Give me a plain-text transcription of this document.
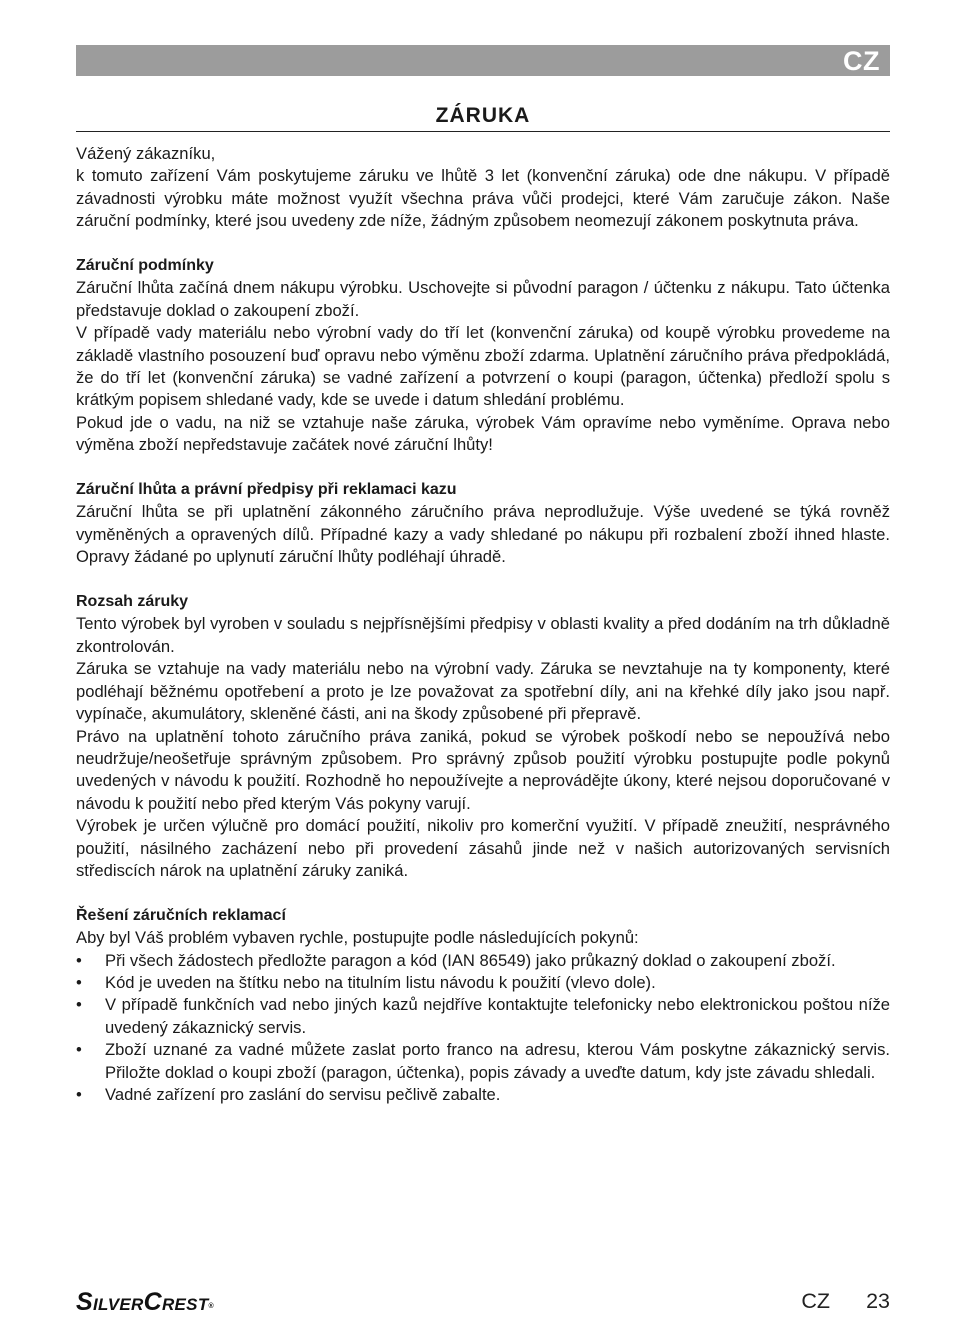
CZ
ZÁRUKA

Vážený zákazníku,

k tomuto zařízení Vám poskytujeme záruku ve lhůtě 3 let (konvenční záruka) ode dne nákupu. V případě závadnosti výrobku máte možnost využít všechna práva vůči prodejci, které Vám zaručuje zákon. Naše záruční podmínky, které jsou uvedeny zde níže, žádným způsobem neomezují zákonem poskytnuta práva.

Záruční podmínky

Záruční lhůta začíná dnem nákupu výrobku. Uschovejte si původní paragon / účtenku z nákupu. Tato účtenka představuje doklad o zakoupení zboží.

V případě vady materiálu nebo výrobní vady do tří let (konvenční záruka) od koupě výrobku provedeme na základě vlastního posouzení buď opravu nebo výměnu zboží zdarma. Uplatnění záručního práva předpokládá, že do tří let (konvenční záruka) se vadné zařízení a potvrzení o koupi (paragon, účtenka) předloží spolu s krátkým popisem shledané vady, kde se uvede i datum shledání problému.

Pokud jde o vadu, na niž se vztahuje naše záruka, výrobek Vám opravíme nebo vyměníme. Oprava nebo výměna zboží nepředstavuje začátek nové záruční lhůty!

Záruční lhůta a právní předpisy při reklamaci kazu

Záruční lhůta se při uplatnění zákonného záručního práva neprodlužuje. Výše uvedené se týká rovněž vyměněných a opravených dílů. Případné kazy a vady shledané po nákupu při rozbalení zboží ihned hlaste. Opravy žádané po uplynutí záruční lhůty podléhají úhradě.

Rozsah záruky

Tento výrobek byl vyroben v souladu s nejpřísnějšími předpisy v oblasti kvality a před dodáním na trh důkladně zkontrolován.

Záruka se vztahuje na vady materiálu nebo na výrobní vady. Záruka se nevztahuje na ty komponenty, které podléhají běžnému opotřebení a proto je lze považovat za spotřební díly, ani na křehké díly jako jsou např. vypínače, akumulátory, skleněné části, ani na škody způsobené při přepravě.

Právo na uplatnění tohoto záručního práva zaniká, pokud se výrobek poškodí nebo se nepoužívá nebo neudržuje/neošetřuje správným způsobem. Pro správný způsob použití výrobku postupujte podle pokynů uvedených v návodu k použití. Rozhodně ho nepoužívejte a neprovádějte úkony, které nejsou doporučované v návodu k použití nebo před kterým Vás pokyny varují.

Výrobek je určen výlučně pro domácí použití, nikoliv pro komerční využití. V případě zneužití, nesprávného použití, násilného zacházení nebo při provedení zásahů jinde než v našich autorizovaných servisních střediscích nárok na uplatnění záruky zaniká.

Řešení záručních reklamací

Aby byl Váš problém vybaven rychle, postupujte podle následujících pokynů:

• Při všech žádostech předložte paragon a kód (IAN 86549) jako průkazný doklad o zakoupení zboží.
• Kód je uveden na štítku nebo na titulním listu návodu k použití (vlevo dole).
• V případě funkčních vad nebo jiných kazů nejdříve kontaktujte telefonicky nebo elektronickou poštou níže uvedený zákaznický servis.
• Zboží uznané za vadné můžete zaslat porto franco na adresu, kterou Vám poskytne zákaznický servis. Přiložte doklad o koupi zboží (paragon, účtenka), popis závady a uveďte datum, kdy jste závadu shledali.
• Vadné zařízení pro zaslání do servisu pečlivě zabalte.
SILVERCREST®	CZ 23
